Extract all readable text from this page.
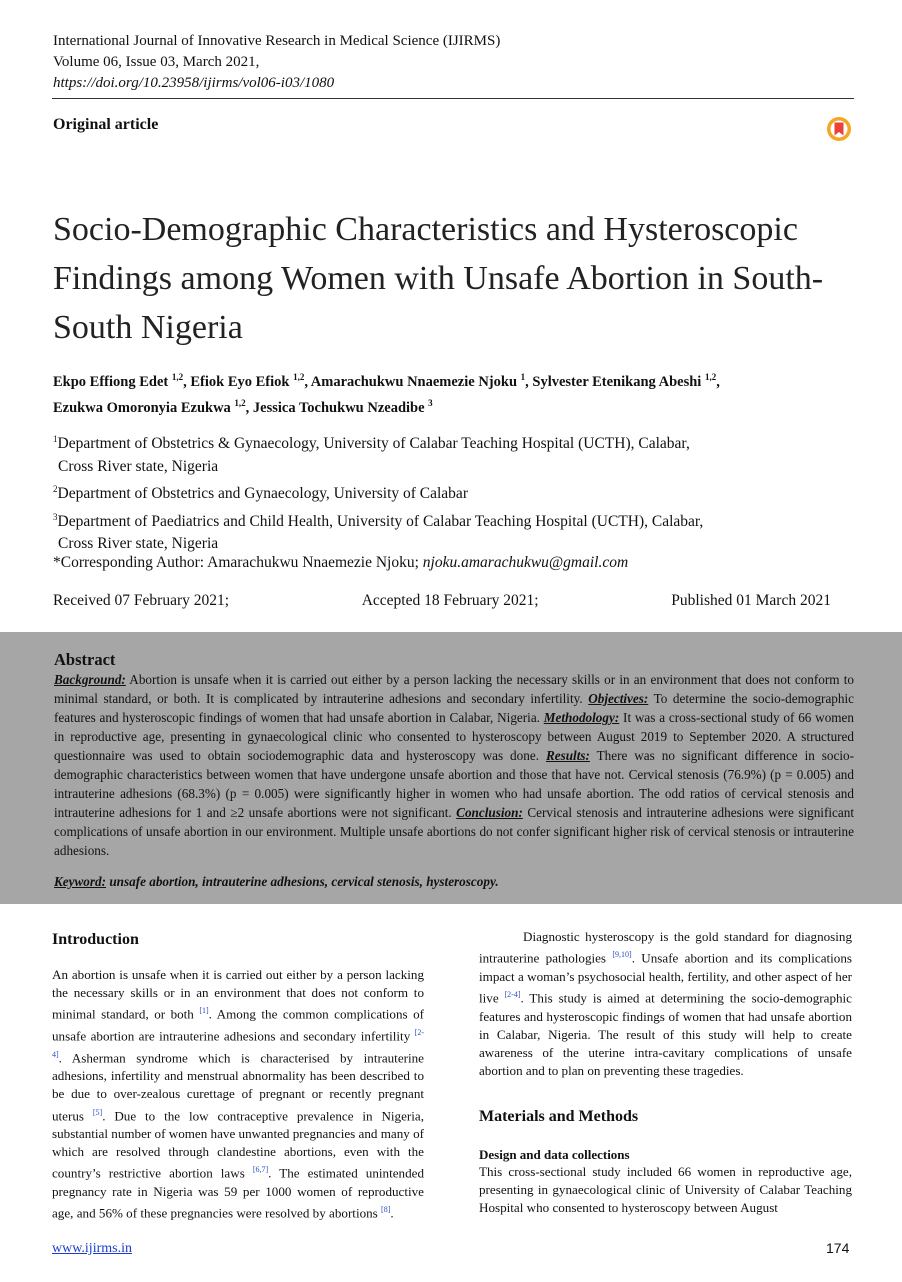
International Journal of Innovative Research in Medical Science (IJIRMS)
Volume 06, Issue 03, March 2021,
https://doi.org/10.23958/ijirms/vol06-i03/1080
Original article
Socio-Demographic Characteristics and Hysteroscopic Findings among Women with Unsafe Abortion in South-South Nigeria
Ekpo Effiong Edet $^{1,2}$, Efiok Eyo Efiok $^{1,2}$, Amarachukwu Nnaemezie Njoku $^1$, Sylvester Etenikang Abeshi $^{1,2}$,
Ezukwa Omoronyia Ezukwa $^{1,2}$, Jessica Tochukwu Nzeadibe $^3$
$^1$Department of Obstetrics & Gynaecology, University of Calabar Teaching Hospital (UCTH), Calabar,
Cross River state, Nigeria
$^2$Department of Obstetrics and Gynaecology, University of Calabar
$^3$Department of Paediatrics and Child Health, University of Calabar Teaching Hospital (UCTH), Calabar,
Cross River state, Nigeria
*Corresponding Author: Amarachukwu Nnaemezie Njoku; njoku.amarachukwu@gmail.com
Received 07 February 2021;	Accepted 18 February 2021;	Published 01 March 2021
Abstract

Background: Abortion is unsafe when it is carried out either by a person lacking the necessary skills or in an environment that does not conform to minimal standard, or both. It is complicated by intrauterine adhesions and secondary infertility. Objectives: To determine the socio-demographic features and hysteroscopic findings of women that had unsafe abortion in Calabar, Nigeria. Methodology: It was a cross-sectional study of 66 women in reproductive age, presenting in gynaecological clinic who consented to hysteroscopy between August 2019 to September 2020. A structured questionnaire was used to obtain sociodemographic data and hysteroscopy was done. Results: There was no significant difference in socio-demographic characteristics between women that have undergone unsafe abortion and those that have not. Cervical stenosis (76.9%) (p = 0.005) and intrauterine adhesions (68.3%) (p = 0.005) were significantly higher in women who had unsafe abortion. The odd ratios of cervical stenosis and intrauterine adhesions for 1 and ≥2 unsafe abortions were not significant. Conclusion: Cervical stenosis and intrauterine adhesions were significant complications of unsafe abortion in our environment. Multiple unsafe abortions do not confer significant higher risk of cervical stenosis or intrauterine adhesions.

Keyword: unsafe abortion, intrauterine adhesions, cervical stenosis, hysteroscopy.

Introduction

An abortion is unsafe when it is carried out either by a person lacking the necessary skills or in an environment that does not conform to minimal standard, or both [1]. Among the common complications of unsafe abortion are intrauterine adhesions and secondary infertility [2-4]. Asherman syndrome which is characterised by intrauterine adhesions, infertility and menstrual abnormality has been described to be due to over-zealous curettage of pregnant or recently pregnant uterus [5]. Due to the low contraceptive prevalence in Nigeria, substantial number of women have unwanted pregnancies and many of which are resolved through clandestine abortions, even with the country’s restrictive abortion laws [6,7]. The estimated unintended pregnancy rate in Nigeria was 59 per 1000 women of reproductive age, and 56% of these pregnancies were resolved by abortions [8].

Diagnostic hysteroscopy is the gold standard for diagnosing intrauterine pathologies [9,10]. Unsafe abortion and its complications impact a woman’s psychosocial health, fertility, and other aspect of her live [2-4]. This study is aimed at determining the socio-demographic features and hysteroscopic findings of women that had unsafe abortion in Calabar, Nigeria. The result of this study will help to create awareness of the uterine intra-cavitary complications of unsafe abortion and to plan on preventing these tragedies.

Materials and Methods
Design and data collections
This cross-sectional study included 66 women in reproductive age, presenting in gynaecological clinic of University of Calabar Teaching Hospital who consented to hysteroscopy between August
www.ijirms.in	174
